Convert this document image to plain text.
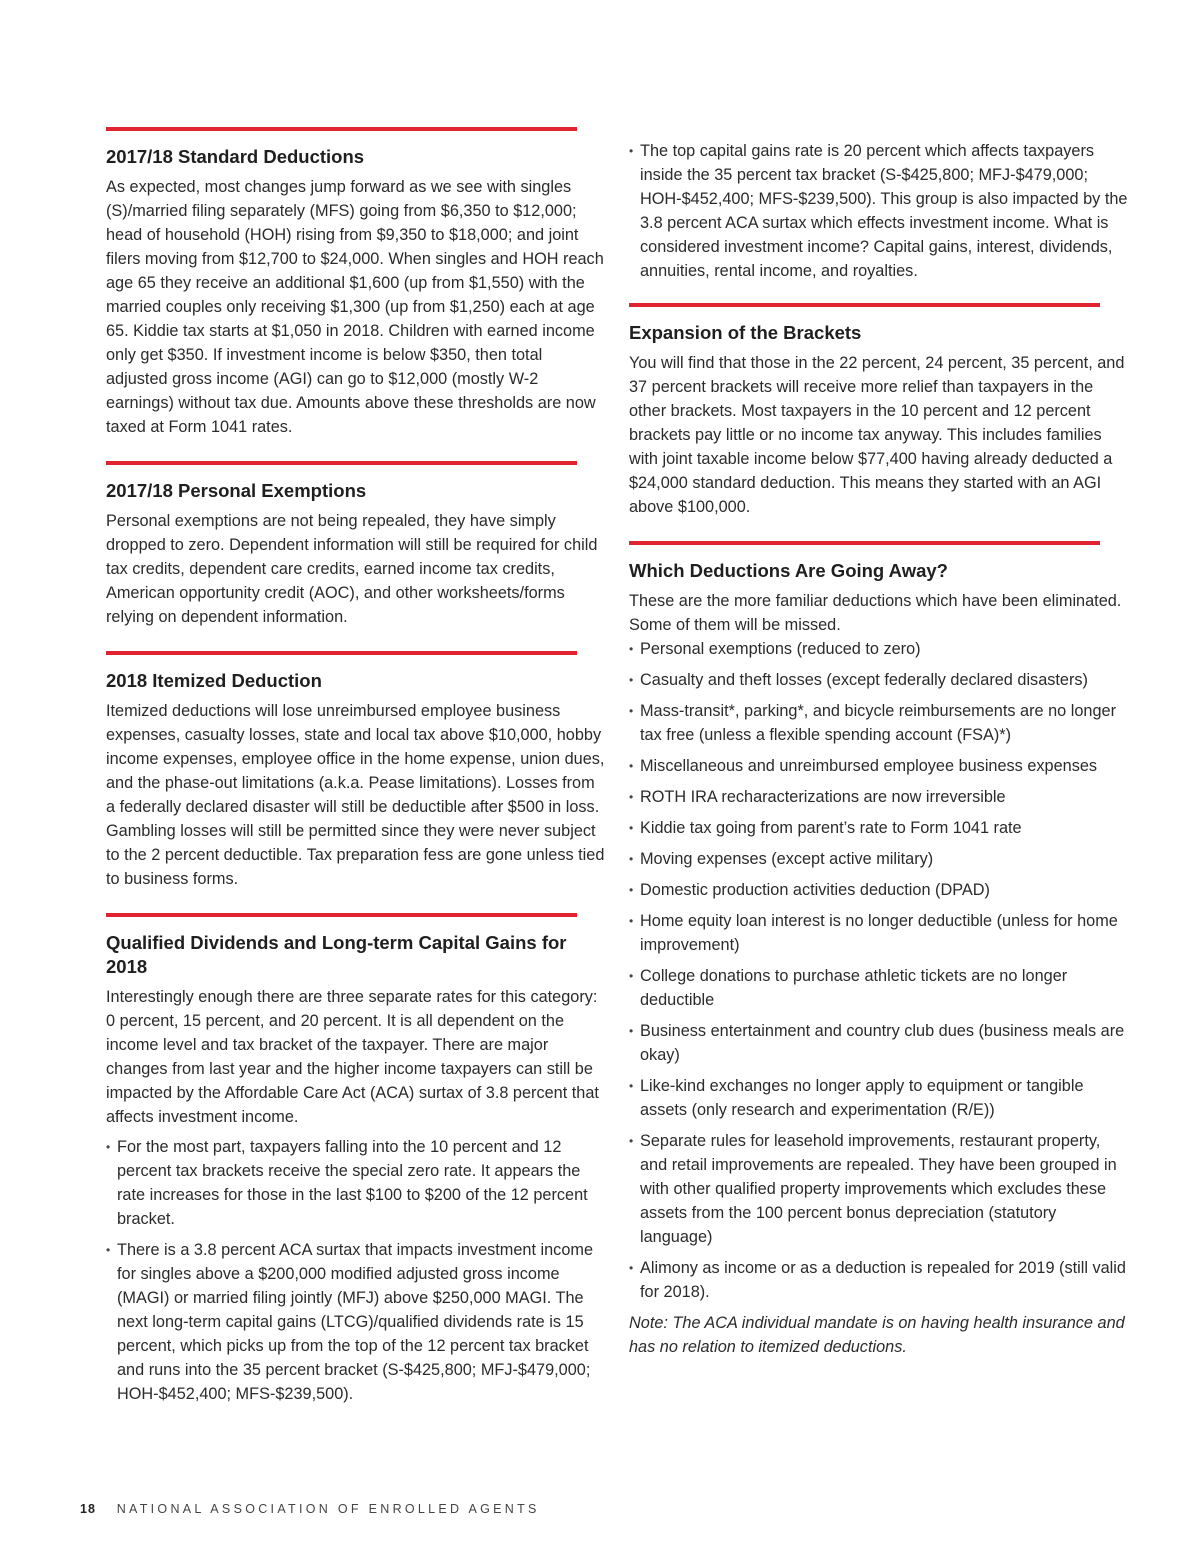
2017/18 Standard Deductions

As expected, most changes jump forward as we see with singles (S)/married filing separately (MFS) going from $6,350 to $12,000; head of household (HOH) rising from $9,350 to $18,000; and joint filers moving from $12,700 to $24,000. When singles and HOH reach age 65 they receive an additional $1,600 (up from $1,550) with the married couples only receiving $1,300 (up from $1,250) each at age 65. Kiddie tax starts at $1,050 in 2018. Children with earned income only get $350. If investment income is below $350, then total adjusted gross income (AGI) can go to $12,000 (mostly W-2 earnings) without tax due. Amounts above these thresholds are now taxed at Form 1041 rates.

2017/18 Personal Exemptions

Personal exemptions are not being repealed, they have simply dropped to zero. Dependent information will still be required for child tax credits, dependent care credits, earned income tax credits, American opportunity credit (AOC), and other worksheets/forms relying on dependent information.

2018 Itemized Deduction

Itemized deductions will lose unreimbursed employee business expenses, casualty losses, state and local tax above $10,000, hobby income expenses, employee office in the home expense, union dues, and the phase-out limitations (a.k.a. Pease limitations). Losses from a federally declared disaster will still be deductible after $500 in loss. Gambling losses will still be permitted since they were never subject to the 2 percent deductible. Tax preparation fess are gone unless tied to business forms.

Qualified Dividends and Long-term Capital Gains for 2018

Interestingly enough there are three separate rates for this category: 0 percent, 15 percent, and 20 percent. It is all dependent on the income level and tax bracket of the taxpayer. There are major changes from last year and the higher income taxpayers can still be impacted by the Affordable Care Act (ACA) surtax of 3.8 percent that affects investment income.

• For the most part, taxpayers falling into the 10 percent and 12 percent tax brackets receive the special zero rate. It appears the rate increases for those in the last $100 to $200 of the 12 percent bracket.
• There is a 3.8 percent ACA surtax that impacts investment income for singles above a $200,000 modified adjusted gross income (MAGI) or married filing jointly (MFJ) above $250,000 MAGI. The next long-term capital gains (LTCG)/qualified dividends rate is 15 percent, which picks up from the top of the 12 percent tax bracket and runs into the 35 percent bracket (S-$425,800; MFJ-$479,000; HOH-$452,400; MFS-$239,500).
• The top capital gains rate is 20 percent which affects taxpayers inside the 35 percent tax bracket (S-$425,800; MFJ-$479,000; HOH-$452,400; MFS-$239,500). This group is also impacted by the 3.8 percent ACA surtax which effects investment income. What is considered investment income? Capital gains, interest, dividends, annuities, rental income, and royalties.
Expansion of the Brackets

You will find that those in the 22 percent, 24 percent, 35 percent, and 37 percent brackets will receive more relief than taxpayers in the other brackets. Most taxpayers in the 10 percent and 12 percent brackets pay little or no income tax anyway. This includes families with joint taxable income below $77,400 having already deducted a $24,000 standard deduction. This means they started with an AGI above $100,000.

Which Deductions Are Going Away?

These are the more familiar deductions which have been eliminated. Some of them will be missed.

• Personal exemptions (reduced to zero)
• Casualty and theft losses (except federally declared disasters)
• Mass-transit*, parking*, and bicycle reimbursements are no longer tax free (unless a flexible spending account (FSA)*)
• Miscellaneous and unreimbursed employee business expenses
• ROTH IRA recharacterizations are now irreversible
• Kiddie tax going from parent’s rate to Form 1041 rate
• Moving expenses (except active military)
• Domestic production activities deduction (DPAD)
• Home equity loan interest is no longer deductible (unless for home improvement)
• College donations to purchase athletic tickets are no longer deductible
• Business entertainment and country club dues (business meals are okay)
• Like-kind exchanges no longer apply to equipment or tangible assets (only research and experimentation (R/E))
• Separate rules for leasehold improvements, restaurant property, and retail improvements are repealed. They have been grouped in with other qualified property improvements which excludes these assets from the 100 percent bonus depreciation (statutory language)
• Alimony as income or as a deduction is repealed for 2019 (still valid for 2018).
Note: The ACA individual mandate is on having health insurance and has no relation to itemized deductions.
18 NATIONAL ASSOCIATION OF ENROLLED AGENTS
